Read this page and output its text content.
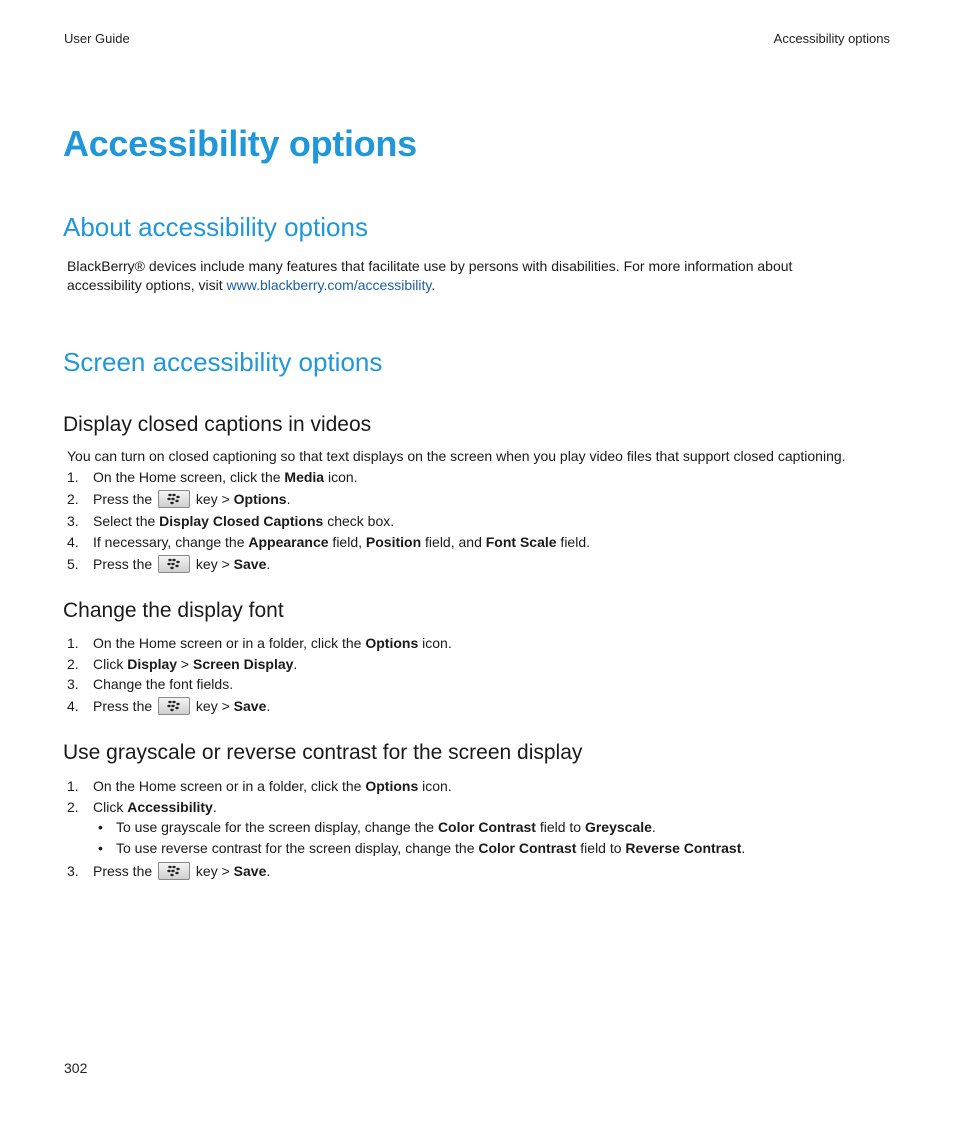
User Guide	Accessibility options
Accessibility options
About accessibility options

BlackBerry® devices include many features that facilitate use by persons with disabilities. For more information about accessibility options, visit www.blackberry.com/accessibility.

Screen accessibility options
Display closed captions in videos

You can turn on closed captioning so that text displays on the screen when you play video files that support closed captioning.

1. On the Home screen, click the Media icon.
2. Press the	key > Options.
3. Select the Display Closed Captions check box.
4. If necessary, change the Appearance field, Position field, and Font Scale field.
5. Press the	key > Save.
Change the display font
1. On the Home screen or in a folder, click the Options icon.
2. Click Display > Screen Display.
3. Change the font fields.
4. Press the	key > Save.
Use grayscale or reverse contrast for the screen display
1. On the Home screen or in a folder, click the Options icon.
2. Click Accessibility.
• To use grayscale for the screen display, change the Color Contrast field to Greyscale.
• To use reverse contrast for the screen display, change the Color Contrast field to Reverse Contrast.
3. Press the	key > Save.
302
